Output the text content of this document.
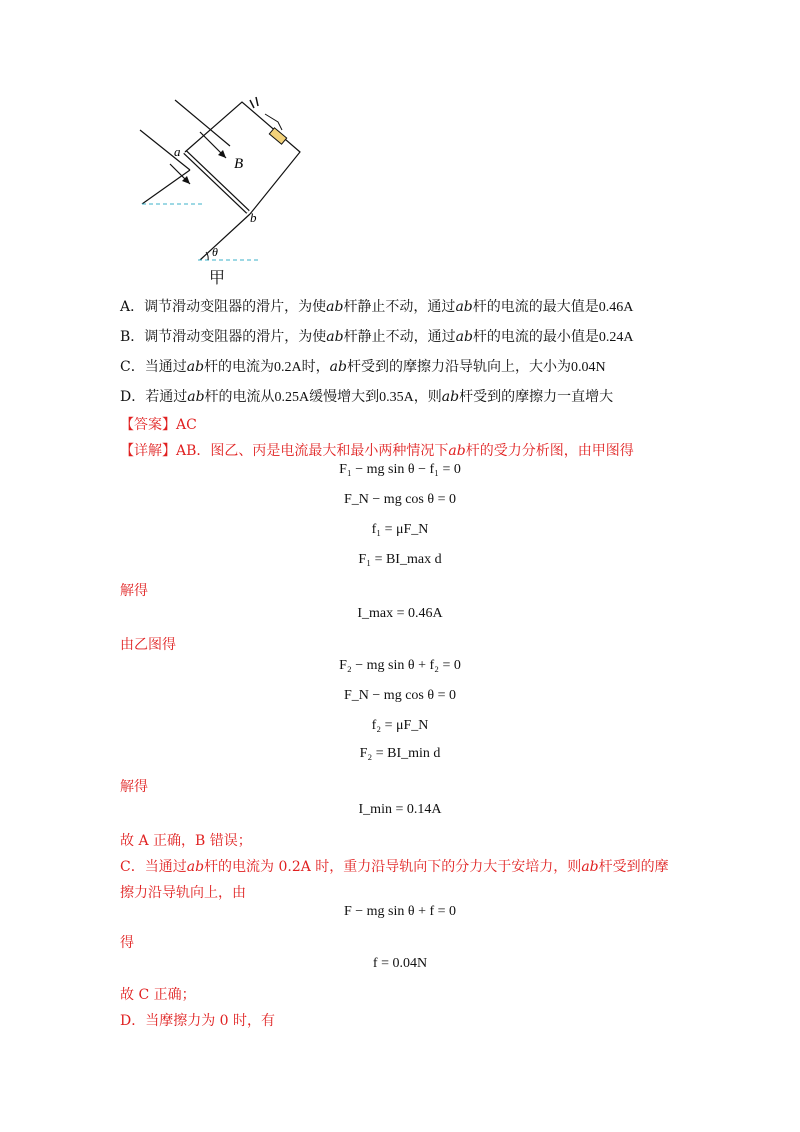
a
b
B
θ
甲
A．调节滑动变阻器的滑片，为使ab杆静止不动，通过ab杆的电流的最大值是0.46A
B．调节滑动变阻器的滑片，为使ab杆静止不动，通过ab杆的电流的最小值是0.24A
C．当通过ab杆的电流为0.2A时，ab杆受到的摩擦力沿导轨向上，大小为0.04N
D．若通过ab杆的电流从0.25A缓慢增大到0.35A，则ab杆受到的摩擦力一直增大
【答案】AC
【详解】AB．图乙、丙是电流最大和最小两种情况下ab杆的受力分析图，由甲图得
F₁ − mg sin θ − f₁ = 0
F_N − mg cos θ = 0
f₁ = μF_N
F₁ = BI_max d
解得
I_max = 0.46A
由乙图得
F₂ − mg sin θ + f₂ = 0
F_N − mg cos θ = 0
f₂ = μF_N
F₂ = BI_min d
解得
I_min = 0.14A
故 A 正确，B 错误；
C．当通过ab杆的电流为 0.2A 时，重力沿导轨向下的分力大于安培力，则ab杆受到的摩
擦力沿导轨向上，由
F − mg sin θ + f = 0
得
f = 0.04N
故 C 正确；
D．当摩擦力为 0 时，有
